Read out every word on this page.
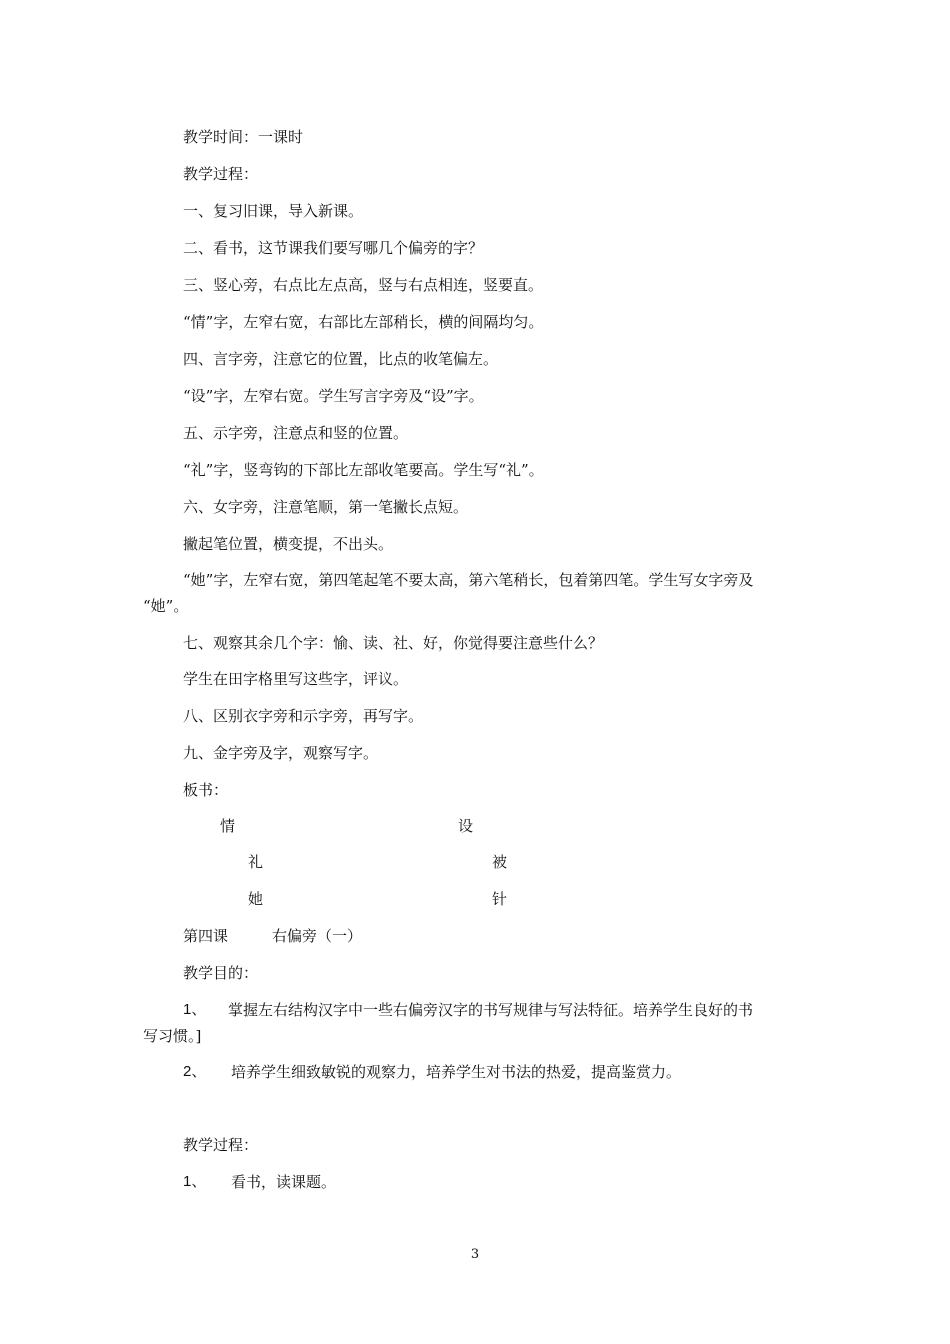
教学时间：一课时
教学过程：
一、复习旧课，导入新课。
二、看书，这节课我们要写哪几个偏旁的字？
三、竖心旁，右点比左点高，竖与右点相连，竖要直。
“情”字，左窄右宽，右部比左部稍长，横的间隔均匀。
四、言字旁，注意它的位置，比点的收笔偏左。
“设”字，左窄右宽。学生写言字旁及“设”字。
五、示字旁，注意点和竖的位置。
“礼”字，竖弯钩的下部比左部收笔要高。学生写“礼”。
六、女字旁，注意笔顺，第一笔撇长点短。
撇起笔位置，横变提，不出头。
“她”字，左窄右宽，第四笔起笔不要太高，第六笔稍长，包着第四笔。学生写女字旁及
“她”。
七、观察其余几个字：愉、读、社、好，你觉得要注意些什么？
学生在田字格里写这些字，评议。
八、区别衣字旁和示字旁，再写字。
九、金字旁及字，观察写字。
板书：
情	设
礼	被
她	针
第四课	右偏旁（一）
教学目的：
1、 掌握左右结构汉字中一些右偏旁汉字的书写规律与写法特征。培养学生良好的书
写习惯。]
2、 培养学生细致敏锐的观察力，培养学生对书法的热爱，提高鉴赏力。
教学过程：
1、 看书，读课题。
3
